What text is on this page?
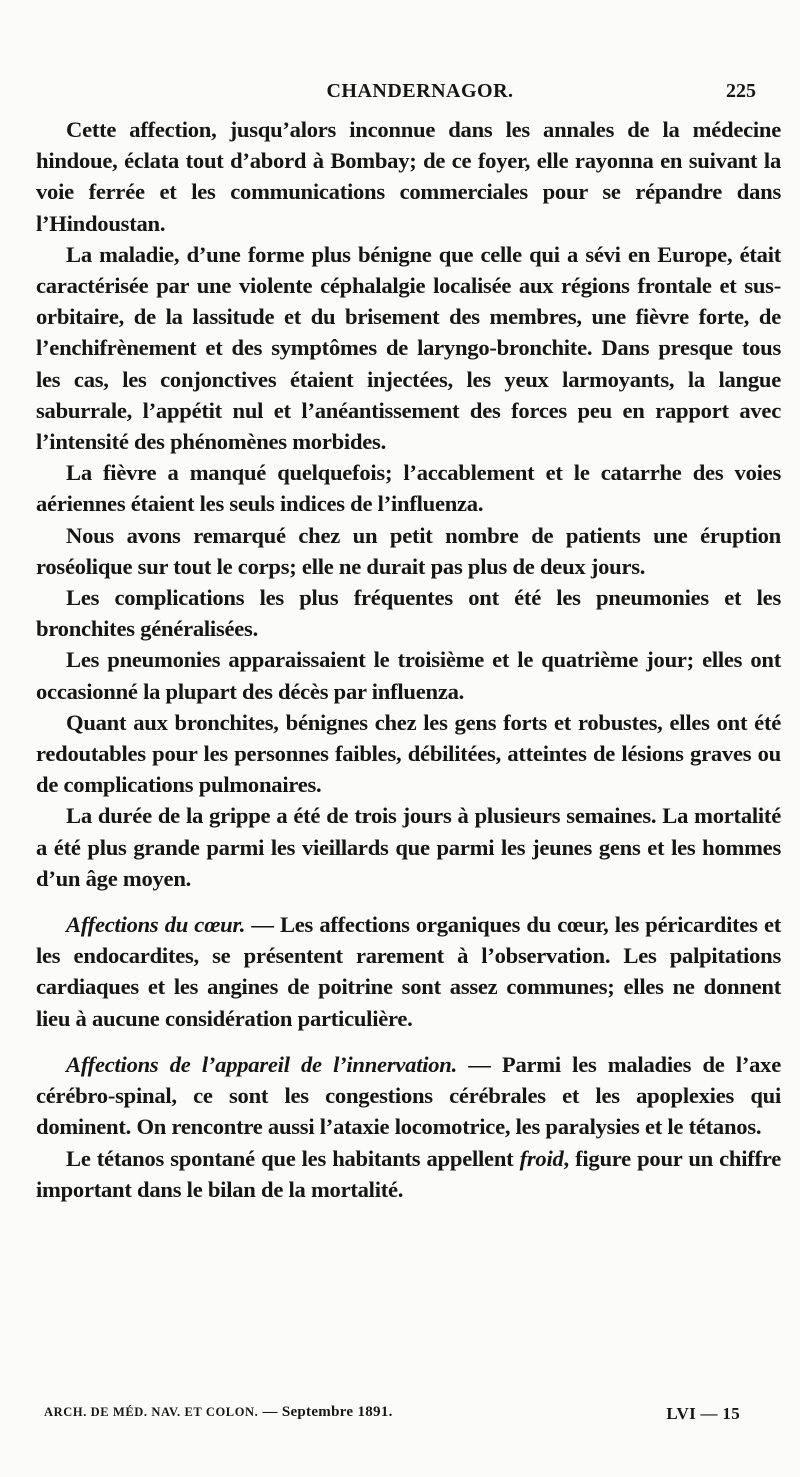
CHANDERNAGOR.	225

Cette affection, jusqu’alors inconnue dans les annales de la médecine hindoue, éclata tout d’abord à Bombay; de ce foyer, elle rayonna en suivant la voie ferrée et les communications commerciales pour se répandre dans l’Hindoustan.

La maladie, d’une forme plus bénigne que celle qui a sévi en Europe, était caractérisée par une violente céphalalgie localisée aux régions frontale et sus-orbitaire, de la lassitude et du brisement des membres, une fièvre forte, de l’enchifrènement et des symptômes de laryngo-bronchite. Dans presque tous les cas, les conjonctives étaient injectées, les yeux larmoyants, la langue saburrale, l’appétit nul et l’anéantissement des forces peu en rapport avec l’intensité des phénomènes morbides.

La fièvre a manqué quelquefois; l’accablement et le catarrhe des voies aériennes étaient les seuls indices de l’influenza.

Nous avons remarqué chez un petit nombre de patients une éruption roséolique sur tout le corps; elle ne durait pas plus de deux jours.

Les complications les plus fréquentes ont été les pneumonies et les bronchites généralisées.

Les pneumonies apparaissaient le troisième et le quatrième jour; elles ont occasionné la plupart des décès par influenza.

Quant aux bronchites, bénignes chez les gens forts et robustes, elles ont été redoutables pour les personnes faibles, débilitées, atteintes de lésions graves ou de complications pulmonaires.

La durée de la grippe a été de trois jours à plusieurs semaines. La mortalité a été plus grande parmi les vieillards que parmi les jeunes gens et les hommes d’un âge moyen.

Affections du cœur. — Les affections organiques du cœur, les péricardites et les endocardites, se présentent rarement à l’observation. Les palpitations cardiaques et les angines de poitrine sont assez communes; elles ne donnent lieu à aucune considération particulière.

Affections de l’appareil de l’innervation. — Parmi les maladies de l’axe cérébro-spinal, ce sont les congestions cérébrales et les apoplexies qui dominent. On rencontre aussi l’ataxie locomotrice, les paralysies et le tétanos.

Le tétanos spontané que les habitants appellent froid, figure pour un chiffre important dans le bilan de la mortalité.

ARCH. DE MÉD. NAV. ET COLON. — Septembre 1891.	LVI — 15
